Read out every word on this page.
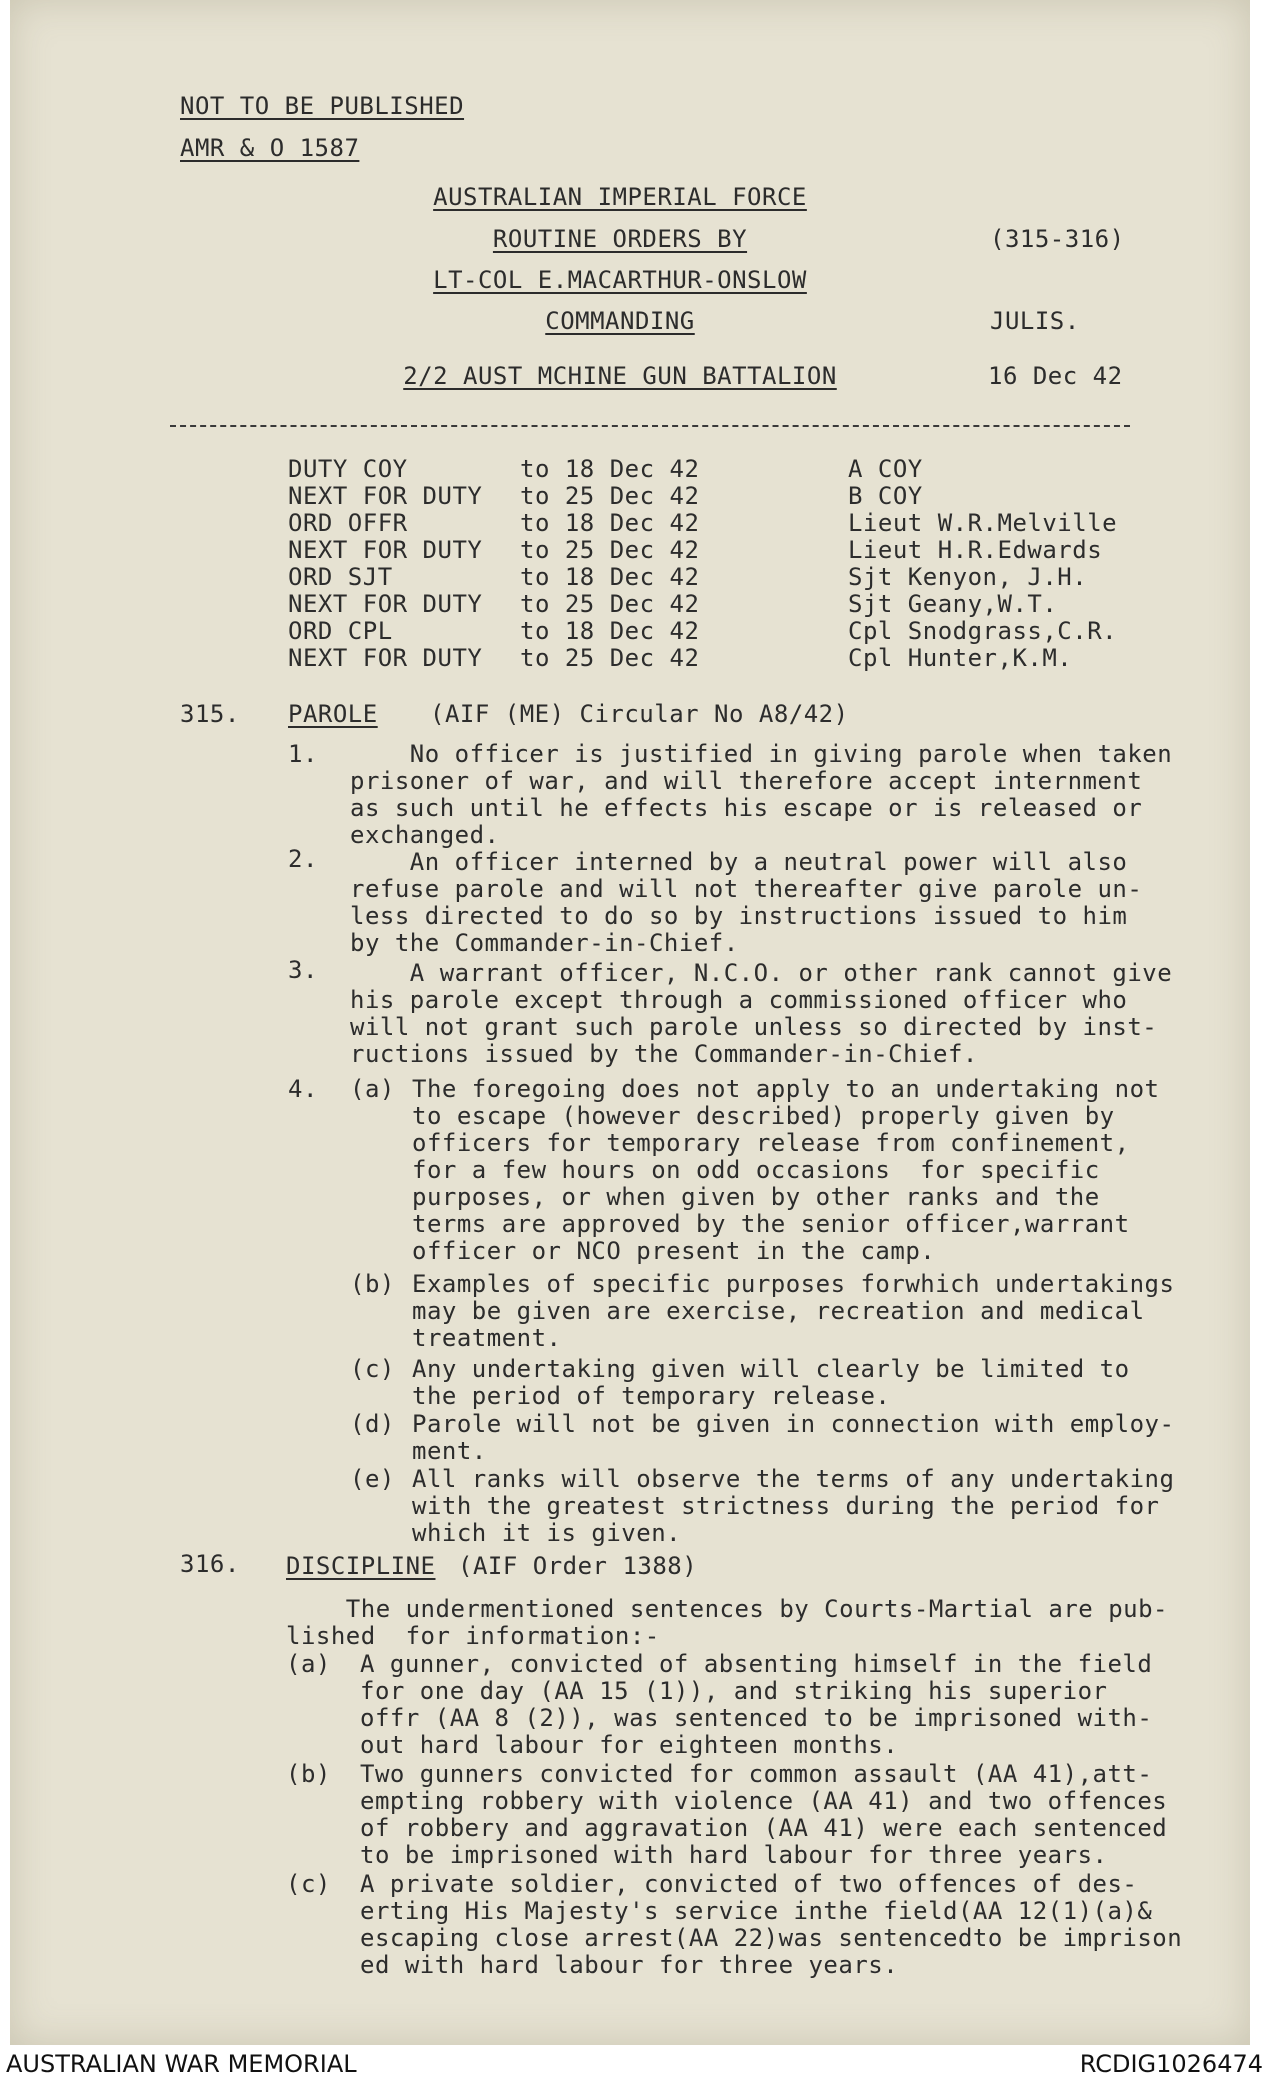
NOT TO BE PUBLISHED
AMR & O 1587
AUSTRALIAN IMPERIAL FORCE
ROUTINE ORDERS BY
LT-COL E.MACARTHUR-ONSLOW
COMMANDING
2/2 AUST MCHINE GUN BATTALION
(315-316)
JULIS.
16 Dec 42
DUTY COY	to 18 Dec 42	A COY
NEXT FOR DUTY	to 25 Dec 42	B COY
ORD OFFR	to 18 Dec 42	Lieut W.R.Melville
NEXT FOR DUTY	to 25 Dec 42	Lieut H.R.Edwards
ORD SJT	to 18 Dec 42	Sjt Kenyon, J.H.
NEXT FOR DUTY	to 25 Dec 42	Sjt Geany,W.T.
ORD CPL	to 18 Dec 42	Cpl Snodgrass,C.R.
NEXT FOR DUTY	to 25 Dec 42	Cpl Hunter,K.M.
315. PAROLE (AIF (ME) Circular No A8/42)
1. No officer is justified in giving parole when taken
prisoner of war, and will therefore accept internment
as such until he effects his escape or is released or
exchanged.
2. An officer interned by a neutral power will also
refuse parole and will not thereafter give parole un-
less directed to do so by instructions issued to him
by the Commander-in-Chief.
3. A warrant officer, N.C.O. or other rank cannot give
his parole except through a commissioned officer who
will not grant such parole unless so directed by inst-
ructions issued by the Commander-in-Chief.
4. (a) The foregoing does not apply to an undertaking not
to escape (however described) properly given by
officers for temporary release from confinement,
for a few hours on odd occasions  for specific
purposes, or when given by other ranks and the
terms are approved by the senior officer,warrant
officer or NCO present in the camp.
(b) Examples of specific purposes forwhich undertakings
may be given are exercise, recreation and medical
treatment.
(c) Any undertaking given will clearly be limited to
the period of temporary release.
(d) Parole will not be given in connection with employ-
ment.
(e) All ranks will observe the terms of any undertaking
with the greatest strictness during the period for
which it is given.
316. DISCIPLINE (AIF Order 1388)
The undermentioned sentences by Courts-Martial are pub-
lished  for information:-
(a) A gunner, convicted of absenting himself in the field
for one day (AA 15 (1)), and striking his superior
offr (AA 8 (2)), was sentenced to be imprisoned with-
out hard labour for eighteen months.
(b) Two gunners convicted for common assault (AA 41),att-
empting robbery with violence (AA 41) and two offences
of robbery and aggravation (AA 41) were each sentenced
to be imprisoned with hard labour for three years.
(c) A private soldier, convicted of two offences of des-
erting His Majesty's service inthe field(AA 12(1)(a)&
escaping close arrest(AA 22)was sentencedto be imprison
ed with hard labour for three years.
AUSTRALIAN WAR MEMORIAL	RCDIG1026474
